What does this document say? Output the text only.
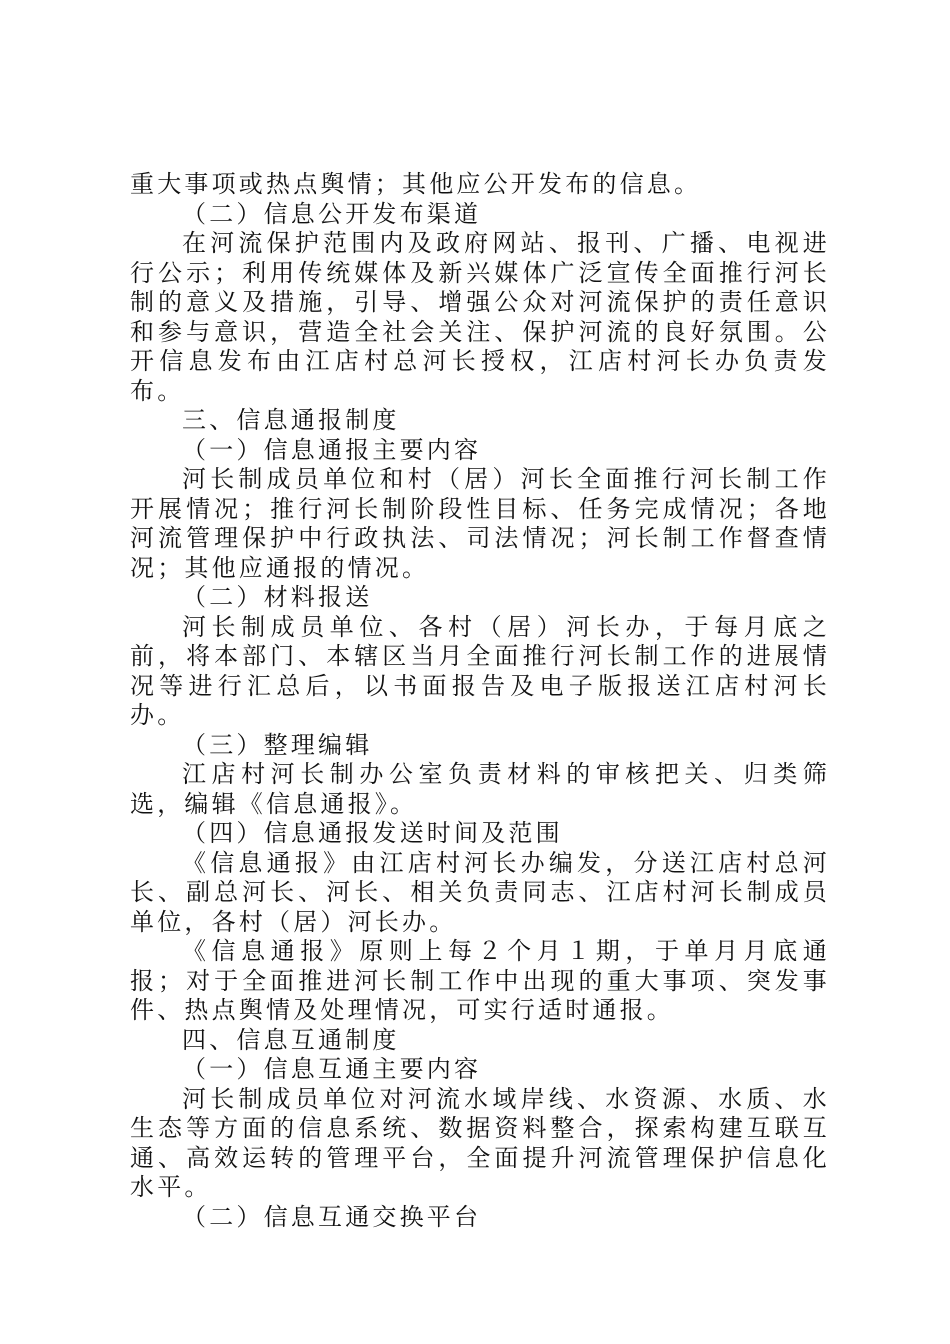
重大事项或热点舆情；其他应公开发布的信息。

（二）信息公开发布渠道

在河流保护范围内及政府网站、报刊、广播、电视进行公示；利用传统媒体及新兴媒体广泛宣传全面推行河长制的意义及措施，引导、增强公众对河流保护的责任意识和参与意识，营造全社会关注、保护河流的良好氛围。公开信息发布由江店村总河长授权，江店村河长办负责发布。

三、信息通报制度

（一）信息通报主要内容

河长制成员单位和村（居）河长全面推行河长制工作开展情况；推行河长制阶段性目标、任务完成情况；各地河流管理保护中行政执法、司法情况；河长制工作督查情况；其他应通报的情况。

（二）材料报送

河长制成员单位、各村（居）河长办，于每月底之前，将本部门、本辖区当月全面推行河长制工作的进展情况等进行汇总后，以书面报告及电子版报送江店村河长办。

（三）整理编辑

江店村河长制办公室负责材料的审核把关、归类筛选，编辑《信息通报》。

（四）信息通报发送时间及范围

《信息通报》由江店村河长办编发，分送江店村总河长、副总河长、河长、相关负责同志、江店村河长制成员单位，各村（居）河长办。

《信息通报》原则上每２个月１期，于单月月底通报；对于全面推进河长制工作中出现的重大事项、突发事件、热点舆情及处理情况，可实行适时通报。

四、信息互通制度

（一）信息互通主要内容

河长制成员单位对河流水域岸线、水资源、水质、水生态等方面的信息系统、数据资料整合，探索构建互联互通、高效运转的管理平台，全面提升河流管理保护信息化水平。

（二）信息互通交换平台
